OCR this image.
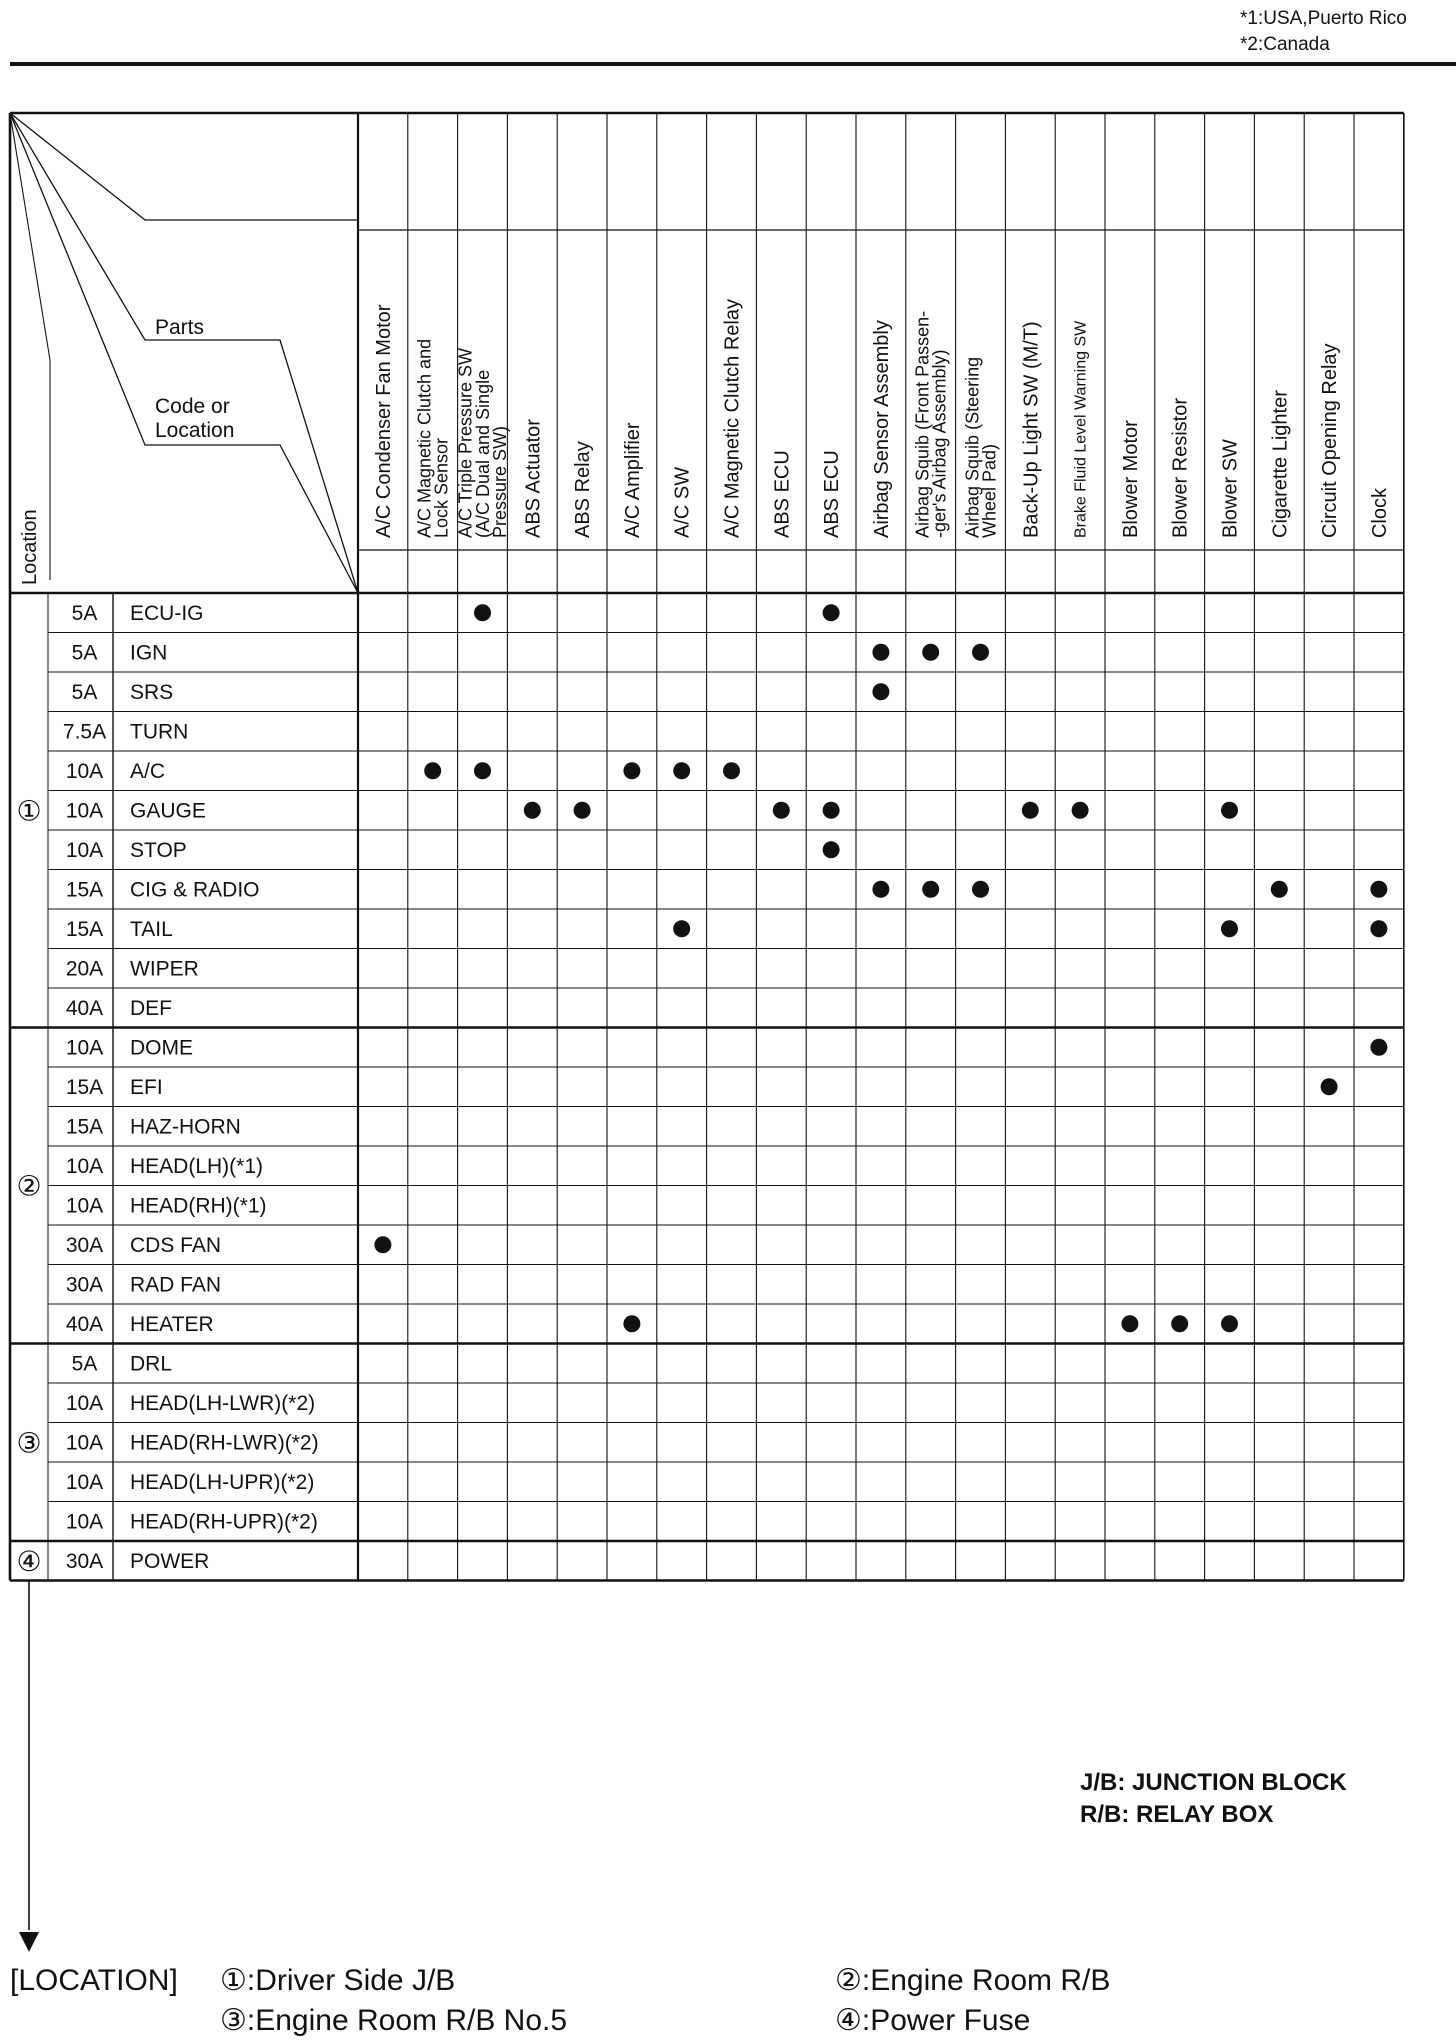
*1:USA,Puerto Rico
*2:Canada
Parts
Code or
Location
Location
A/C Condenser Fan Motor A/C Magnetic Clutch and
Lock Sensor A/C Triple Pressure SW
(A/C Dual and Single
Pressure SW) ABS Actuator ABS Relay A/C Amplifier A/C SW A/C Magnetic Clutch Relay ABS ECU ABS ECU Airbag Sensor Assembly Airbag Squib (Front Passen-
-ger's Airbag Assembly) Airbag Squib (Steering
Wheel Pad) Back-Up Light SW (M/T) Brake Fluid Level Warning SW Blower Motor Blower Resistor Blower SW Cigarette Lighter Circuit Opening Relay Clock
①
②
③
④
5A ECU-IG
5A IGN
5A SRS
7.5A TURN
10A A/C
10A GAUGE
10A STOP
15A CIG & RADIO
15A TAIL
20A WIPER
40A DEF
10A DOME
15A EFI
15A HAZ-HORN
10A HEAD(LH)(*1)
10A HEAD(RH)(*1)
30A CDS FAN
30A RAD FAN
40A HEATER
5A DRL
10A HEAD(LH-LWR)(*2)
10A HEAD(RH-LWR)(*2)
10A HEAD(LH-UPR)(*2)
10A HEAD(RH-UPR)(*2)
30A POWER
J/B: JUNCTION BLOCK
R/B: RELAY BOX
[LOCATION] ①:Driver Side J/B	②:Engine Room R/B
③:Engine Room R/B No.5	④:Power Fuse
